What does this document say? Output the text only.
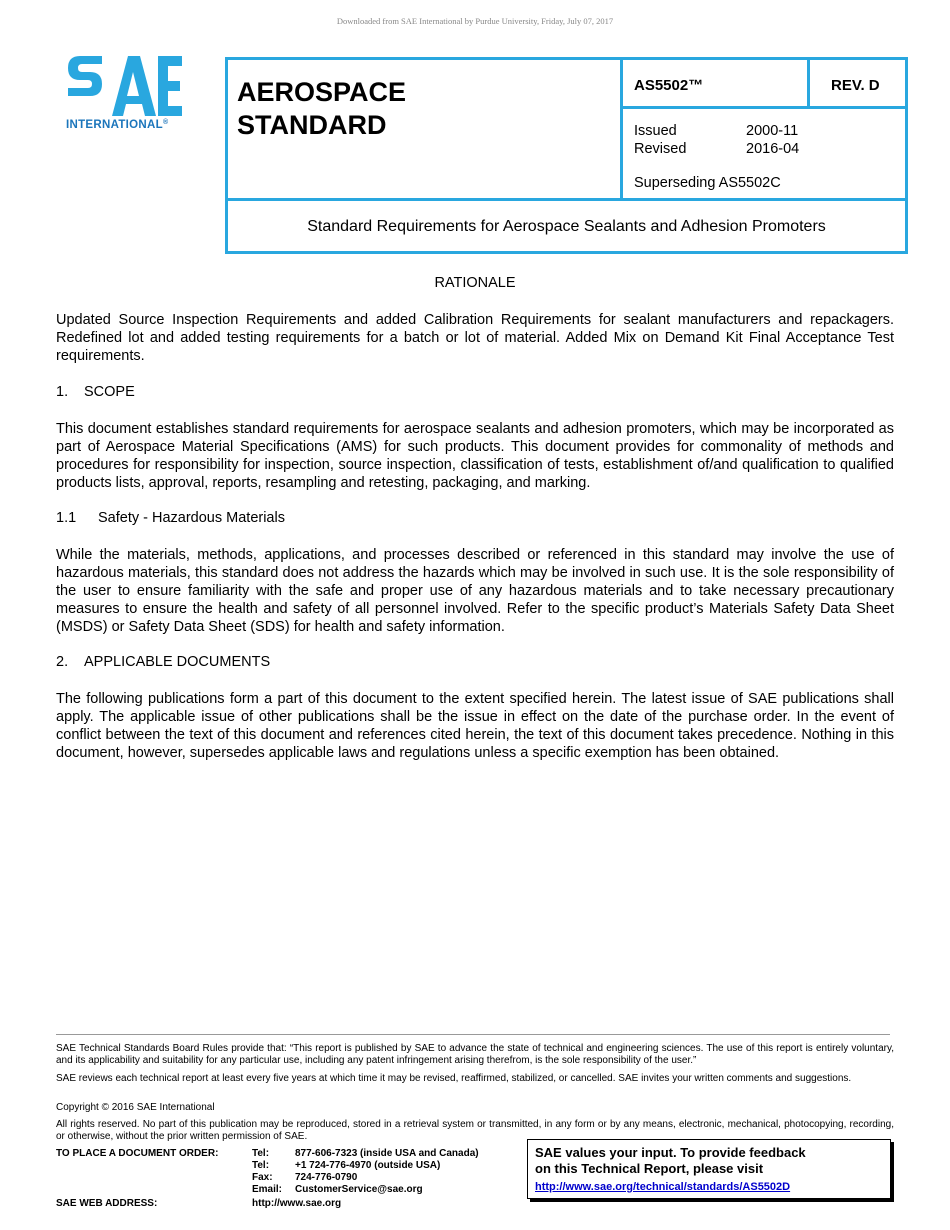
Downloaded from SAE International by Purdue University, Friday, July 07, 2017
INTERNATIONAL®
AEROSPACE
STANDARD
AS5502™	REV. D
Issued	2000-11
Revised	2016-04
Superseding AS5502C
Standard Requirements for Aerospace Sealants and Adhesion Promoters
RATIONALE
Updated Source Inspection Requirements and added Calibration Requirements for sealant manufacturers and repackagers. Redefined lot and added testing requirements for a batch or lot of material. Added Mix on Demand Kit Final Acceptance Test requirements.
1. SCOPE
This document establishes standard requirements for aerospace sealants and adhesion promoters, which may be incorporated as part of Aerospace Material Specifications (AMS) for such products. This document provides for commonality of methods and procedures for responsibility for inspection, source inspection, classification of tests, establishment of/and qualification to qualified products lists, approval, reports, resampling and retesting, packaging, and marking.
1.1 Safety - Hazardous Materials
While the materials, methods, applications, and processes described or referenced in this standard may involve the use of hazardous materials, this standard does not address the hazards which may be involved in such use. It is the sole responsibility of the user to ensure familiarity with the safe and proper use of any hazardous materials and to take necessary precautionary measures to ensure the health and safety of all personnel involved. Refer to the specific product’s Materials Safety Data Sheet (MSDS) or Safety Data Sheet (SDS) for health and safety information.
2. APPLICABLE DOCUMENTS
The following publications form a part of this document to the extent specified herein. The latest issue of SAE publications shall apply. The applicable issue of other publications shall be the issue in effect on the date of the purchase order. In the event of conflict between the text of this document and references cited herein, the text of this document takes precedence. Nothing in this document, however, supersedes applicable laws and regulations unless a specific exemption has been obtained.
SAE Technical Standards Board Rules provide that: “This report is published by SAE to advance the state of technical and engineering sciences. The use of this report is entirely voluntary, and its applicability and suitability for any particular use, including any patent infringement arising therefrom, is the sole responsibility of the user.”
SAE reviews each technical report at least every five years at which time it may be revised, reaffirmed, stabilized, or cancelled. SAE invites your written comments and suggestions.
Copyright © 2016 SAE International
All rights reserved. No part of this publication may be reproduced, stored in a retrieval system or transmitted, in any form or by any means, electronic, mechanical, photocopying, recording, or otherwise, without the prior written permission of SAE.
TO PLACE A DOCUMENT ORDER:	Tel:	877-606-7323 (inside USA and Canada)
Tel:	+1 724-776-4970 (outside USA)
Fax: 724-776-0790
Email: CustomerService@sae.org
SAE WEB ADDRESS:	http://www.sae.org
SAE values your input. To provide feedback
on this Technical Report, please visit
http://www.sae.org/technical/standards/AS5502D
